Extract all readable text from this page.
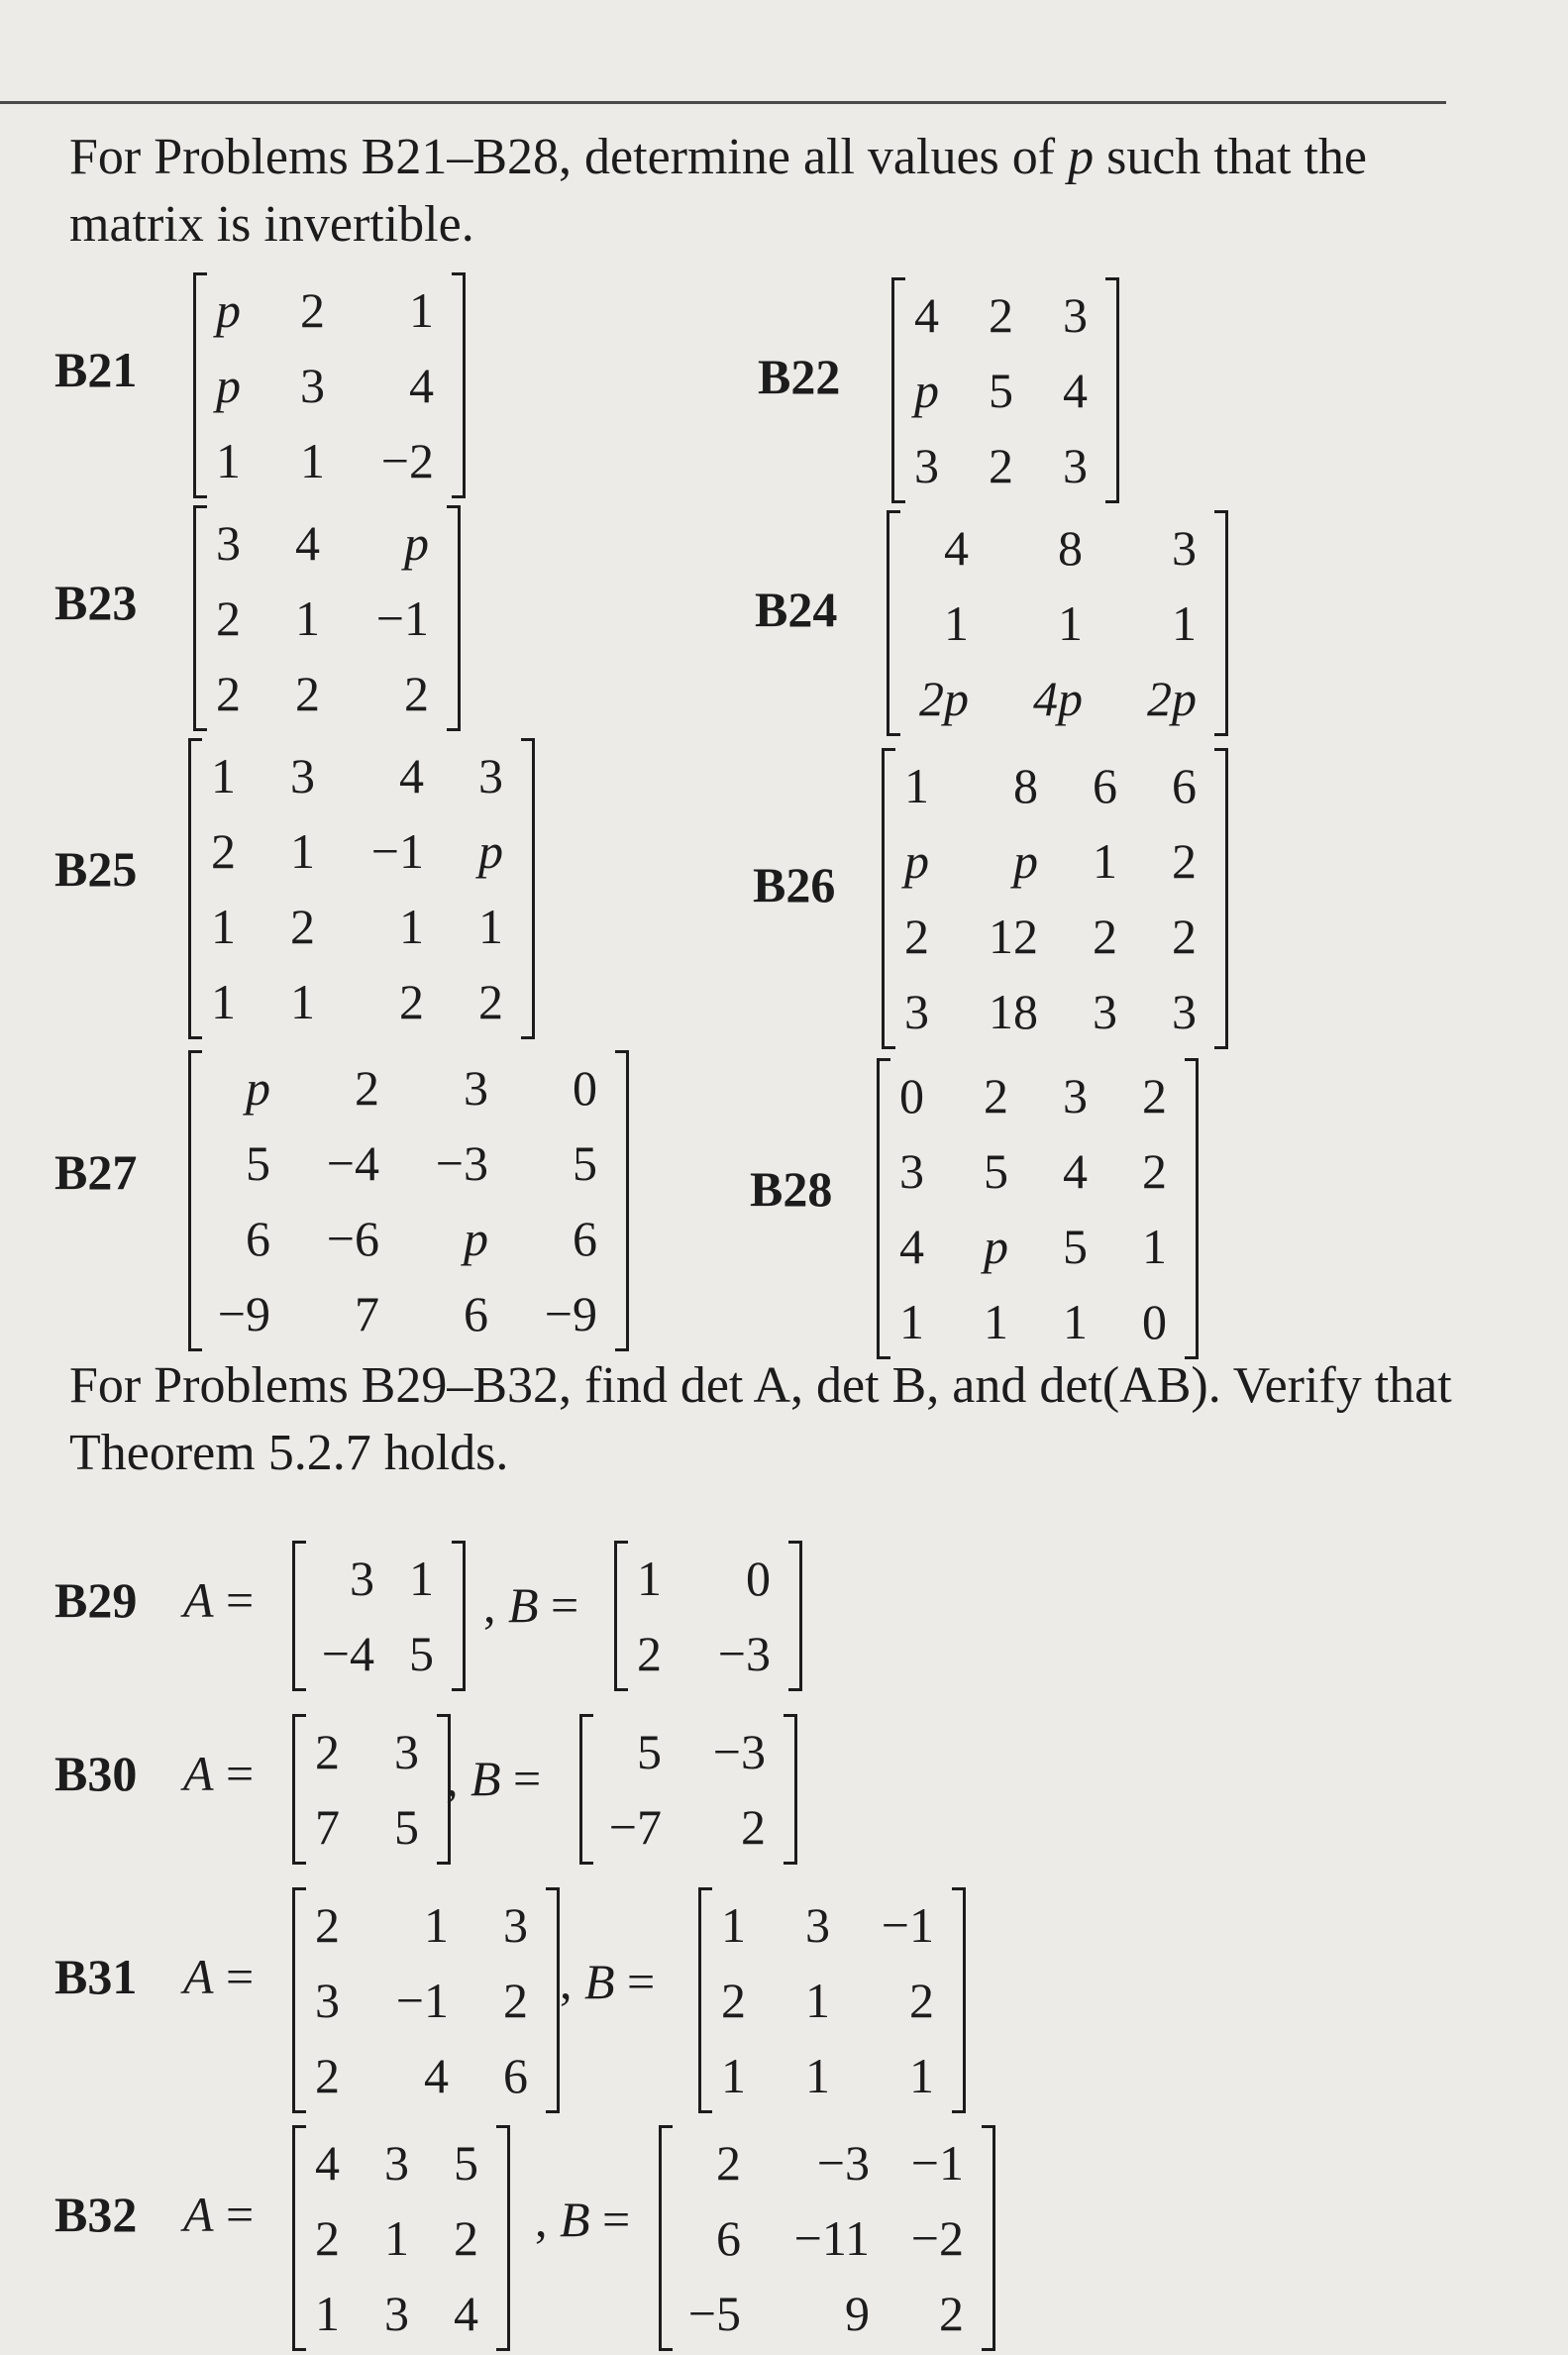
For Problems B21–B28, determine all values of p such that the matrix is invertible.
For Problems B29–B32, find det A, det B, and det(AB). Verify that Theorem 5.2.7 holds.
B21
p	2	1
p	3	4
1	1	−2
B22
4	2	3
p	5	4
3	2	3
B23
3	4	p
2	1	−1
2	2	2
B24
4	8	3
1	1	1
2p	4p	2p
B25
1	3	4	3
2	1	−1	p
1	2	1	1
1	1	2	2
B26
1	8	6	6
p	p	1	2
2	12	2	2
3	18	3	3
B27
p	2	3	0
5	−4	−3	5
6	−6	p	6
−9	7	6	−9
B28
0	2	3	2
3	5	4	2
4	p	5	1
1	1	1	0
B29 A =	3 1
−4 5
, B = 1	0
2	−3
B30 A = 2	3
7	5
, B =	5	−3
−7	2
B31 A =
2	1	3
3	−1	2
2	4	6
, B =
1	3	−1
2	1	2
1	1	1
B32 A =
4 3 5
2 1 2
1 3 4
, B =
2	−3 −1
6	−11 −2
−5	9	2
